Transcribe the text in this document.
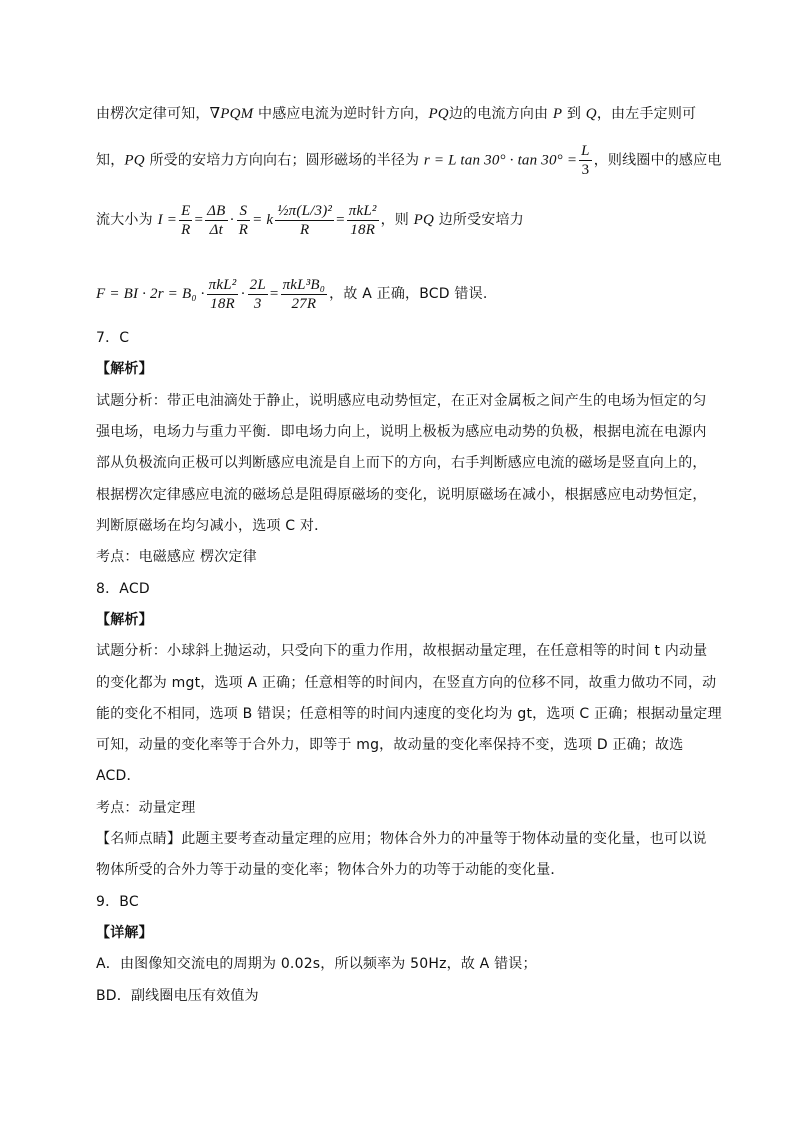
由楞次定律可知，∇PQM 中感应电流为逆时针方向，PQ边的电流方向由 P 到 Q，由左手定则可
知，PQ 所受的安培力方向向右；圆形磁场的半径为 r = L $\tan 30^\circ \cdot \tan 30^\circ = \frac{L}{3}$ ，则线圈中的感应电
流大小为 $I = \frac{E}{R} = \frac{\Delta B}{\Delta t} \cdot \frac{S}{R} = k \frac{\text{½π(L/3)²}}{R} = \frac{\text{πkL²}}{18R}$ ，则 PQ 边所受安培力
F = BI · $2r = B_0 \cdot \frac{\text{πkL²}}{18R} \cdot \frac{2L}{3} = \frac{\text{πkL³B₀}}{27R}$ ，故 A 正确，BCD 错误.
7．C
【解析】
试题分析：带正电油滴处于静止，说明感应电动势恒定，在正对金属板之间产生的电场为恒定的匀
强电场，电场力与重力平衡．即电场力向上，说明上极板为感应电动势的负极，根据电流在电源内
部从负极流向正极可以判断感应电流是自上而下的方向，右手判断感应电流的磁场是竖直向上的，
根据楞次定律感应电流的磁场总是阻碍原磁场的变化，说明原磁场在减小，根据感应电动势恒定，
判断原磁场在均匀减小，选项 C 对．
考点：电磁感应 楞次定律
8．ACD
【解析】
试题分析：小球斜上抛运动，只受向下的重力作用，故根据动量定理，在任意相等的时间 t 内动量
的变化都为 mgt，选项 A 正确；任意相等的时间内，在竖直方向的位移不同，故重力做功不同，动
能的变化不相同，选项 B 错误；任意相等的时间内速度的变化均为 gt，选项 C 正确；根据动量定理
可知，动量的变化率等于合外力，即等于 mg，故动量的变化率保持不变，选项 D 正确；故选
ACD．
考点：动量定理
【名师点睛】此题主要考查动量定理的应用；物体合外力的冲量等于物体动量的变化量，也可以说
物体所受的合外力等于动量的变化率；物体合外力的功等于动能的变化量．
9．BC
【详解】
A．由图像知交流电的周期为 0.02s，所以频率为 50Hz，故 A 错误；
BD．副线圈电压有效值为
